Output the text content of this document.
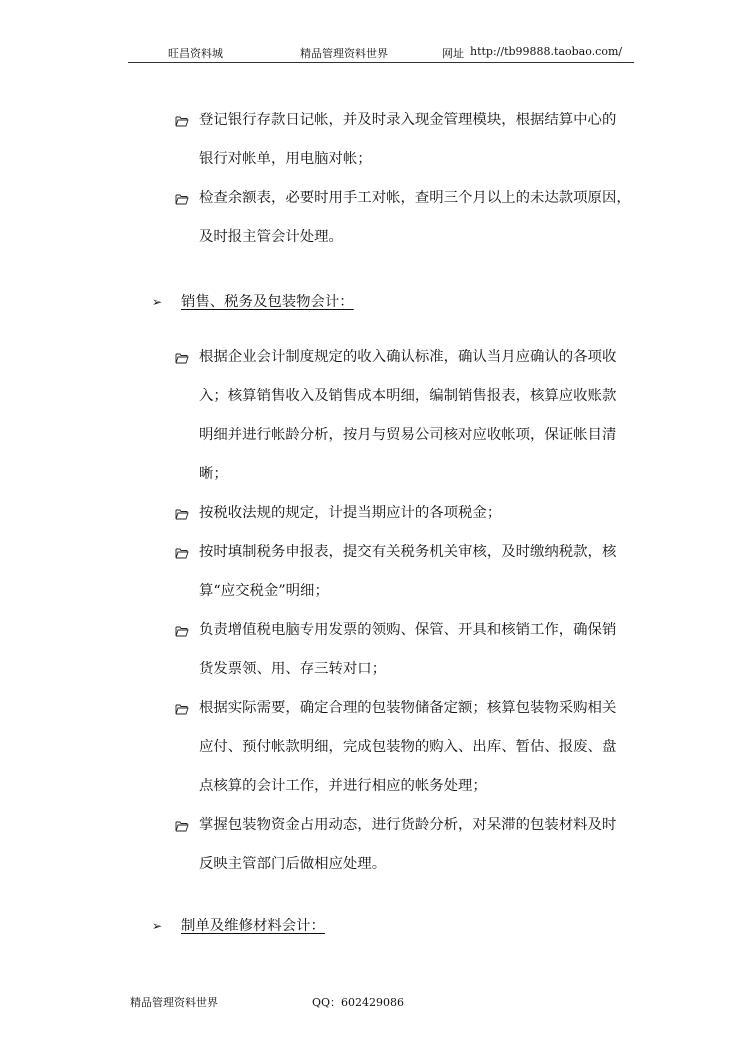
旺昌资料城	精品管理资料世界	网址 http://tb99888.taobao.com/
登记银行存款日记帐，并及时录入现金管理模块，根据结算中心的
银行对帐单，用电脑对帐；
检查余额表，必要时用手工对帐，查明三个月以上的未达款项原因，
及时报主管会计处理。
➢ 销售、税务及包装物会计：
根据企业会计制度规定的收入确认标准，确认当月应确认的各项收
入；核算销售收入及销售成本明细，编制销售报表，核算应收账款
明细并进行帐龄分析，按月与贸易公司核对应收帐项，保证帐目清
晰；
按税收法规的规定，计提当期应计的各项税金；
按时填制税务申报表，提交有关税务机关审核，及时缴纳税款，核
算“应交税金”明细；
负责增值税电脑专用发票的领购、保管、开具和核销工作，确保销
货发票领、用、存三转对口；
根据实际需要，确定合理的包装物储备定额；核算包装物采购相关
应付、预付帐款明细，完成包装物的购入、出库、暂估、报废、盘
点核算的会计工作，并进行相应的帐务处理；
掌握包装物资金占用动态，进行货龄分析，对呆滞的包装材料及时
反映主管部门后做相应处理。
➢ 制单及维修材料会计：
精品管理资料世界	QQ：602429086
